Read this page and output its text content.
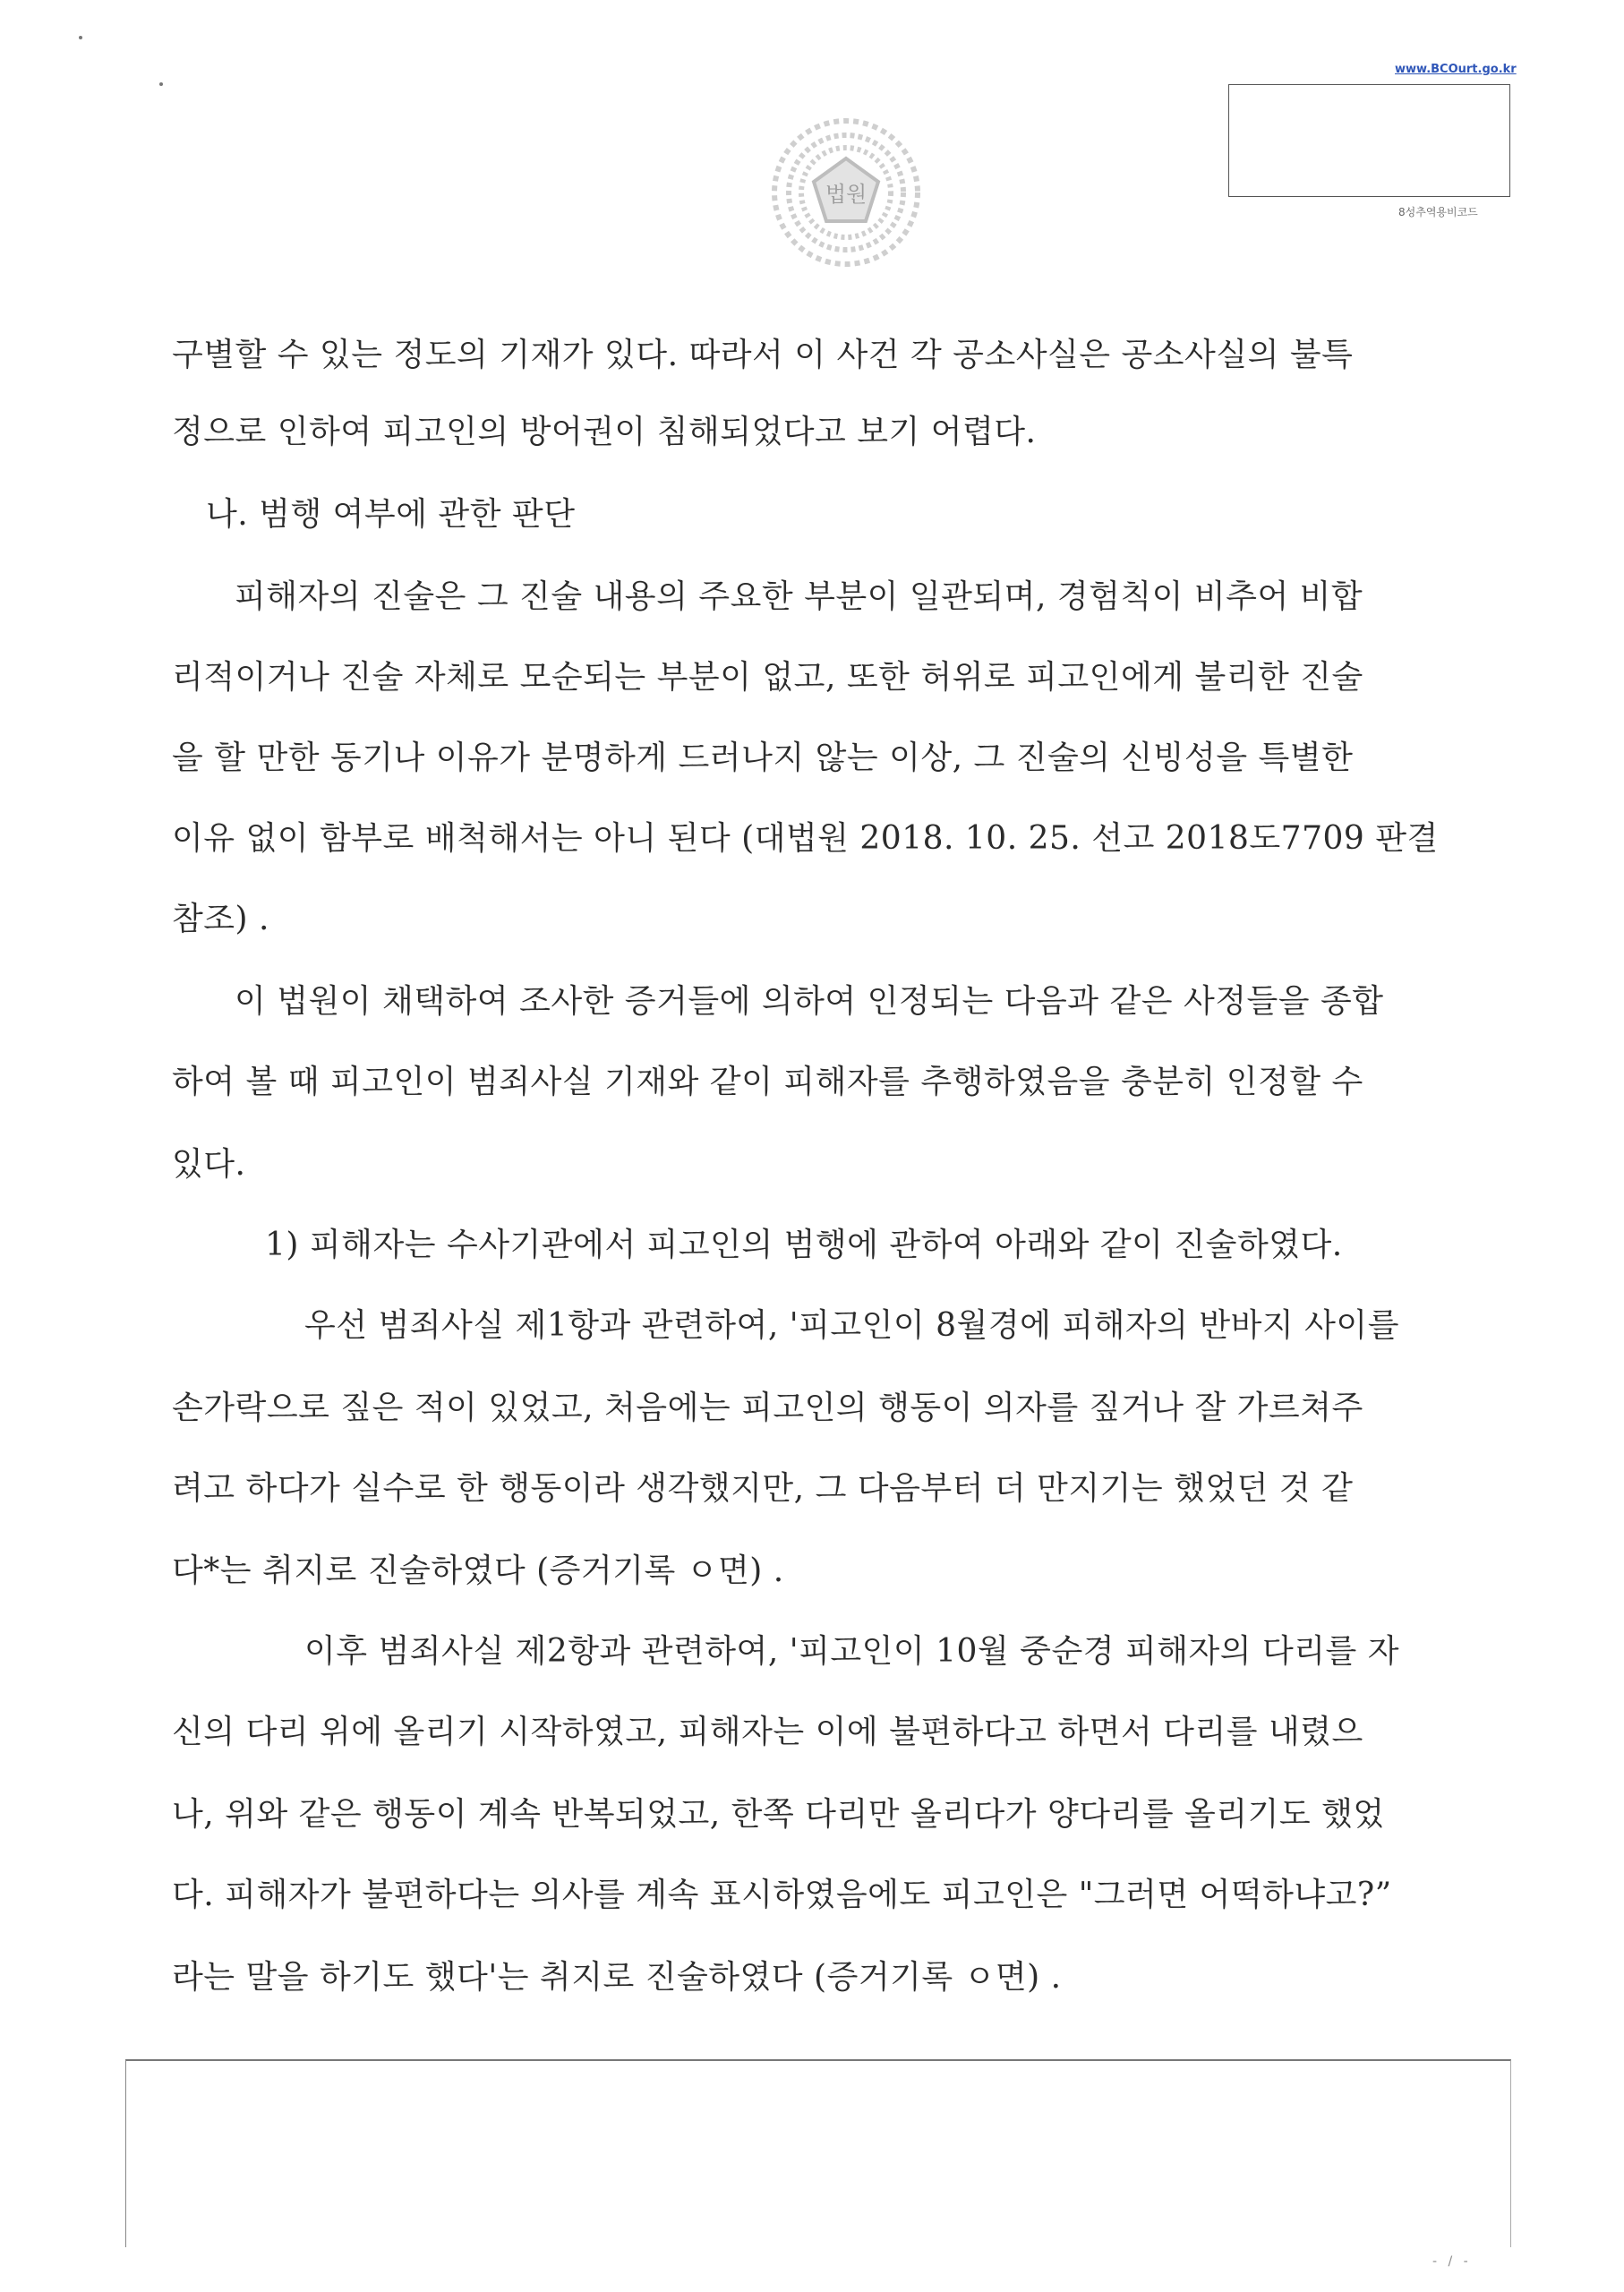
www.BCOurt.go.kr
8성추역용비코드
법원
구별할 수 있는 정도의 기재가 있다. 따라서 이 사건 각 공소사실은 공소사실의 불특
정으로 인하여 피고인의 방어권이 침해되었다고 보기 어렵다.
나. 범행 여부에 관한 판단
피해자의 진술은 그 진술 내용의 주요한 부분이 일관되며, 경험칙이 비추어 비합
리적이거나 진술 자체로 모순되는 부분이 없고, 또한 허위로 피고인에게 불리한 진술
을 할 만한 동기나 이유가 분명하게 드러나지 않는 이상, 그 진술의 신빙성을 특별한
이유 없이 함부로 배척해서는 아니 된다 (대법원 2018. 10. 25. 선고 2018도7709 판결
참조) .
이 법원이 채택하여 조사한 증거들에 의하여 인정되는 다음과 같은 사정들을 종합
하여 볼 때 피고인이 범죄사실 기재와 같이 피해자를 추행하였음을 충분히 인정할 수
있다.
1) 피해자는 수사기관에서 피고인의 범행에 관하여 아래와 같이 진술하였다.
우선 범죄사실 제1항과 관련하여, '피고인이 8월경에 피해자의 반바지 사이를
손가락으로 짚은 적이 있었고, 처음에는 피고인의 행동이 의자를 짚거나 잘 가르쳐주
려고 하다가 실수로 한 행동이라 생각했지만, 그 다음부터 더 만지기는 했었던 것 같
다*는 취지로 진술하였다 (증거기록 ㅇ면) .
이후 범죄사실 제2항과 관련하여, '피고인이 10월 중순경 피해자의 다리를 자
신의 다리 위에 올리기 시작하였고, 피해자는 이에 불편하다고 하면서 다리를 내렸으
나, 위와 같은 행동이 계속 반복되었고, 한쪽 다리만 올리다가 양다리를 올리기도 했었
다. 피해자가 불편하다는 의사를 계속 표시하였음에도 피고인은 "그러면 어떡하냐고?”
라는 말을 하기도 했다'는 취지로 진술하였다 (증거기록 ㅇ면) .
- / -
